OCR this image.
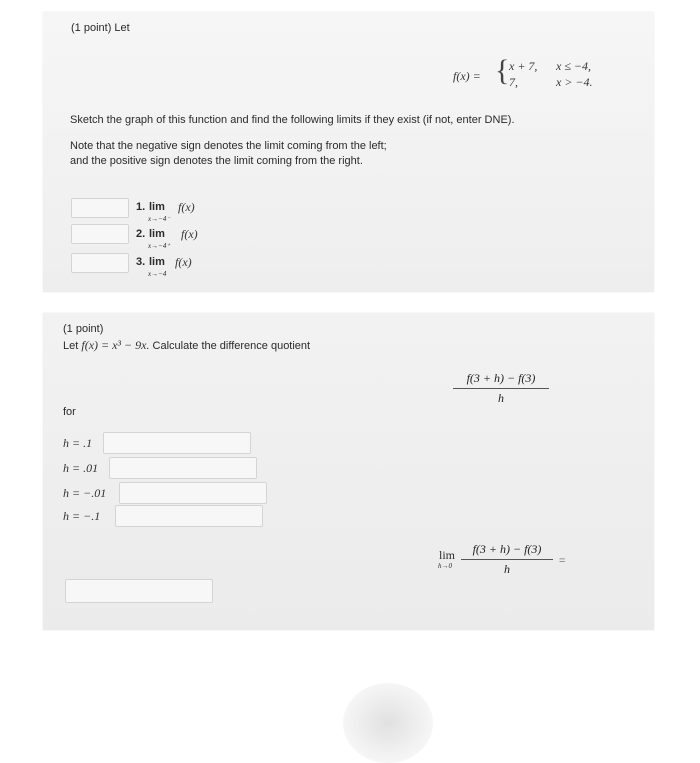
(1 point) Let
f(x) = { x + 7, x ≤ −4,
7,	x > −4.
Sketch the graph of this function and find the following limits if they exist (if not, enter DNE).
Note that the negative sign denotes the limit coming from the left;
and the positive sign denotes the limit coming from the right.
1. lim
x→−4⁻
f(x)
2. lim
x→−4⁺
f(x)
3. lim
x→−4
f(x)
(1 point)
Let f(x) = x³ − 9x. Calculate the difference quotient
f(3 + h) − f(3)
h
for
h = .1
h = .01
h = −.01
h = −.1
lim
h→0
f(3 + h) − f(3)
h
=
